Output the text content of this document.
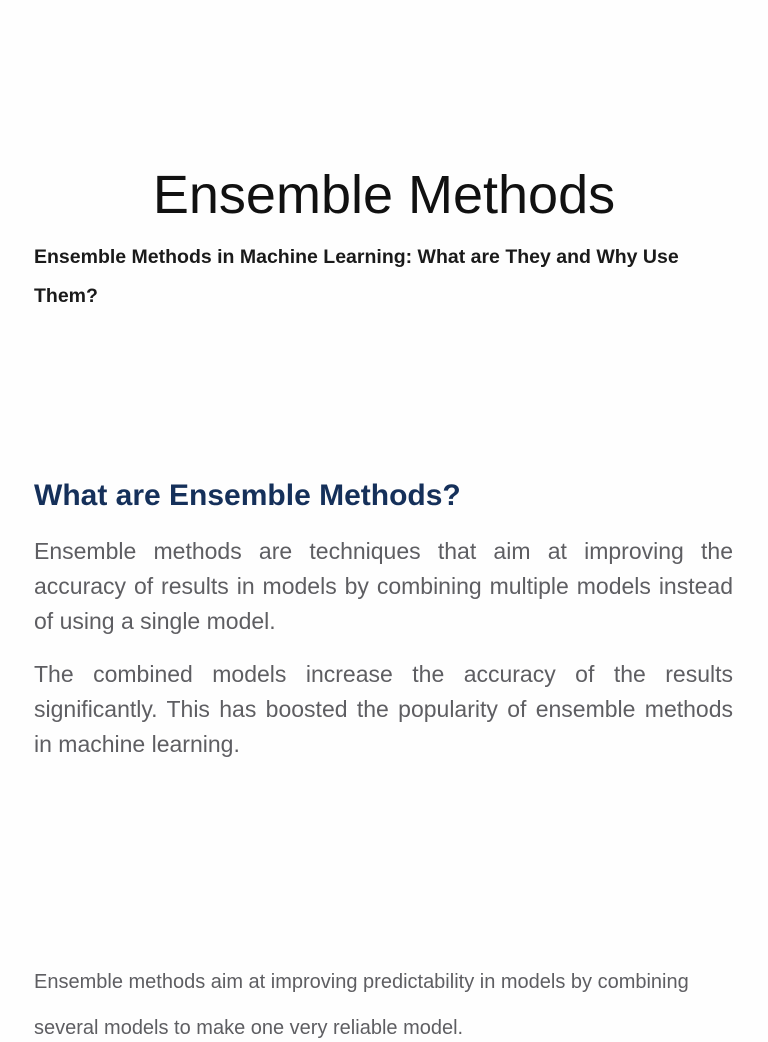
Ensemble Methods

Ensemble Methods in Machine Learning: What are They and Why Use Them?

What are Ensemble Methods?

Ensemble methods are techniques that aim at improving the accuracy of results in models by combining multiple models instead of using a single model.

The combined models increase the accuracy of the results significantly. This has boosted the popularity of ensemble methods in machine learning.

Ensemble methods aim at improving predictability in models by combining

several models to make one very reliable model.
